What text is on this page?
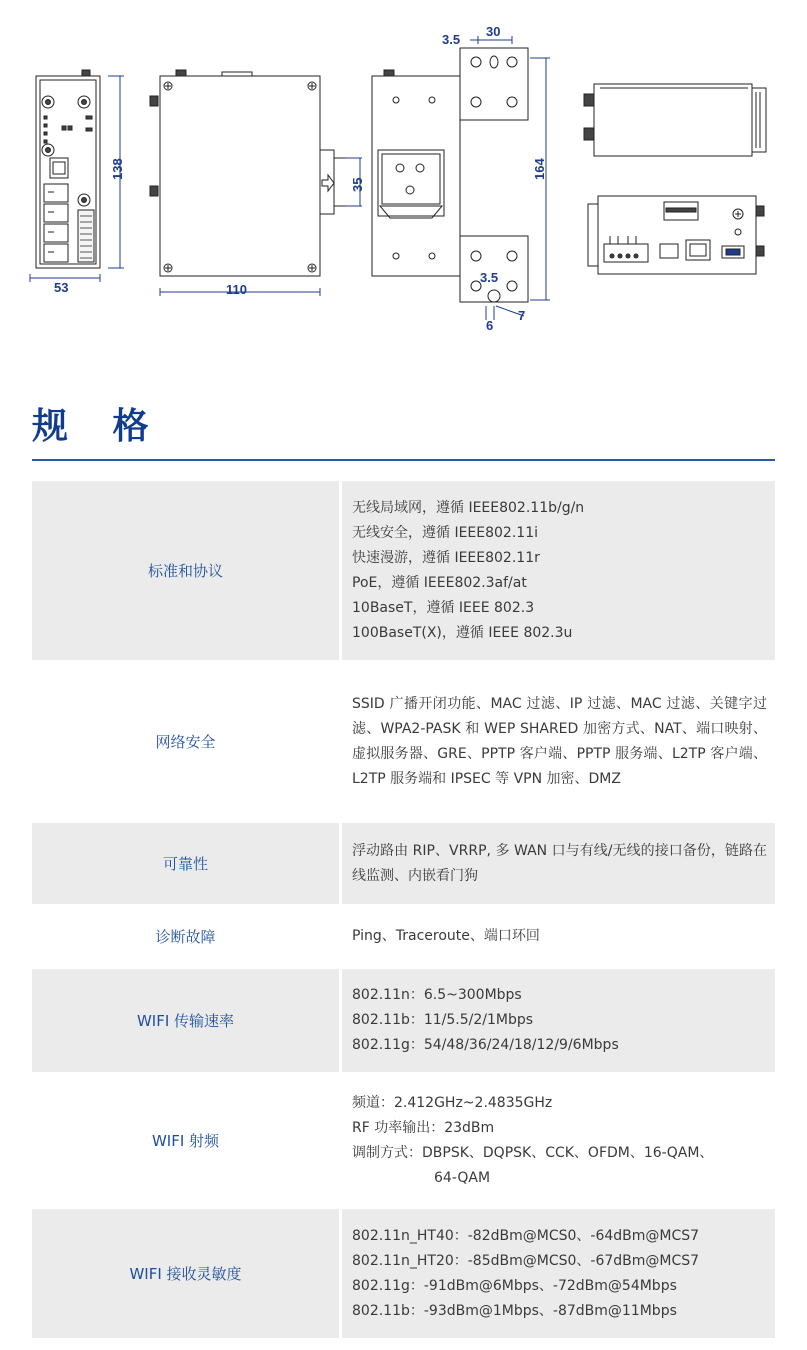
53
138
110
35
3.5
30
164
3.5
6
7
规 格
标准和协议
无线局域网，遵循 IEEE802.11b/g/n
无线安全，遵循 IEEE802.11i
快速漫游，遵循 IEEE802.11r
PoE，遵循 IEEE802.3af/at
10BaseT，遵循 IEEE 802.3
100BaseT(X)，遵循 IEEE 802.3u
网络安全
SSID 广播开闭功能、MAC 过滤、IP 过滤、MAC 过滤、关键字过滤、WPA2-PASK 和 WEP SHARED 加密方式、NAT、端口映射、虚拟服务器、GRE、PPTP 客户端、PPTP 服务端、L2TP 客户端、L2TP 服务端和 IPSEC 等 VPN 加密、DMZ
可靠性
浮动路由 RIP、VRRP, 多 WAN 口与有线/无线的接口备份，链路在线监测、内嵌看门狗
诊断故障	Ping、Traceroute、端口环回
WIFI 传输速率
802.11n：6.5~300Mbps
802.11b：11/5.5/2/1Mbps
802.11g：54/48/36/24/18/12/9/6Mbps
WIFI 射频
频道：2.412GHz~2.4835GHz
RF 功率输出：23dBm
调制方式：DBPSK、DQPSK、CCK、OFDM、16-QAM、
64-QAM
WIFI 接收灵敏度
802.11n_HT40：-82dBm@MCS0、-64dBm@MCS7
802.11n_HT20：-85dBm@MCS0、-67dBm@MCS7
802.11g：-91dBm@6Mbps、-72dBm@54Mbps
802.11b：-93dBm@1Mbps、-87dBm@11Mbps
